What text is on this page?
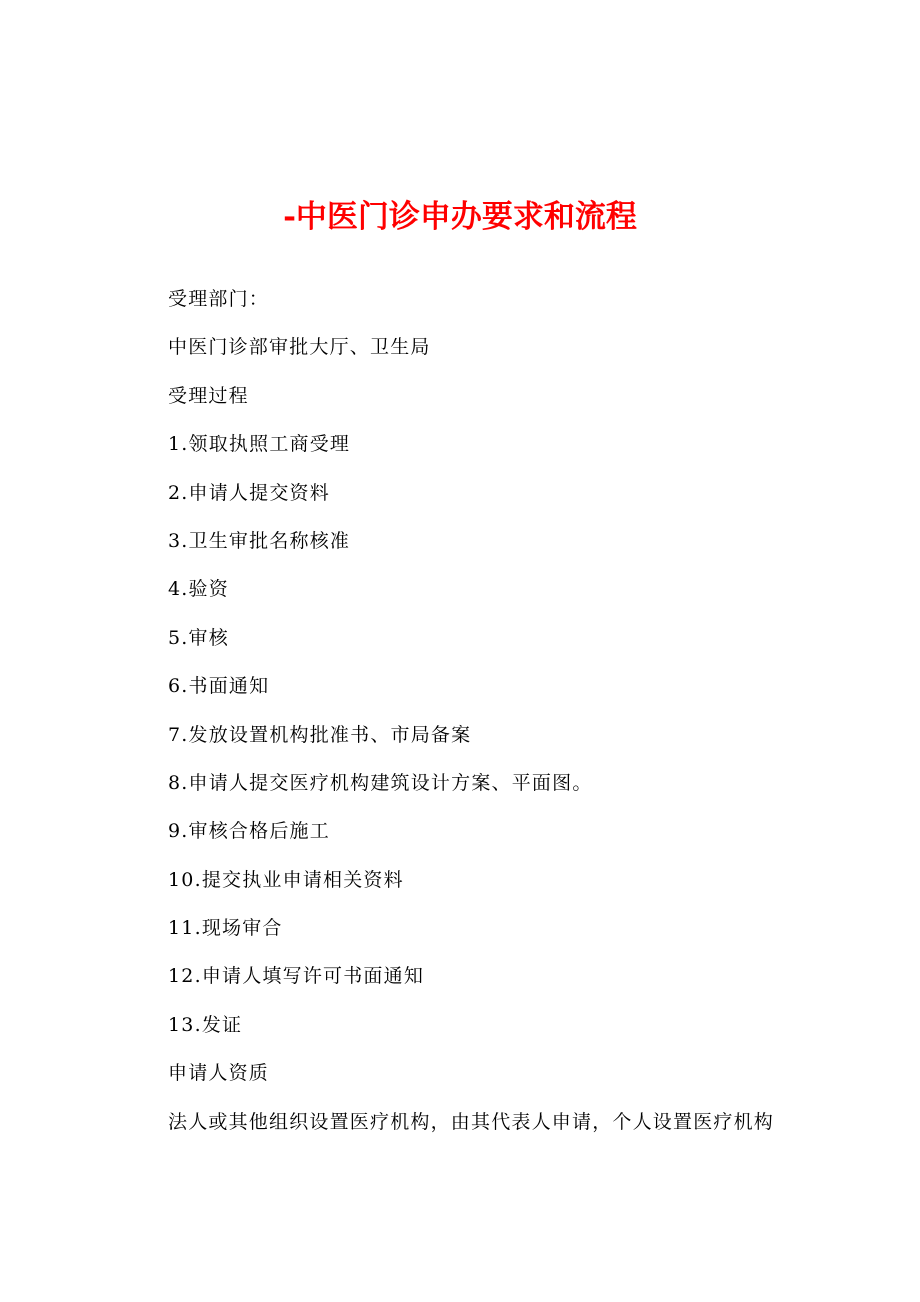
-中医门诊申办要求和流程

受理部门：

中医门诊部审批大厅、卫生局

受理过程

1.领取执照工商受理

2.申请人提交资料

3.卫生审批名称核准

4.验资

5.审核

6.书面通知

7.发放设置机构批准书、市局备案

8.申请人提交医疗机构建筑设计方案、平面图。

9.审核合格后施工

10.提交执业申请相关资料

11.现场审合

12.申请人填写许可书面通知

13.发证

申请人资质

法人或其他组织设置医疗机构，由其代表人申请，个人设置医疗机构
